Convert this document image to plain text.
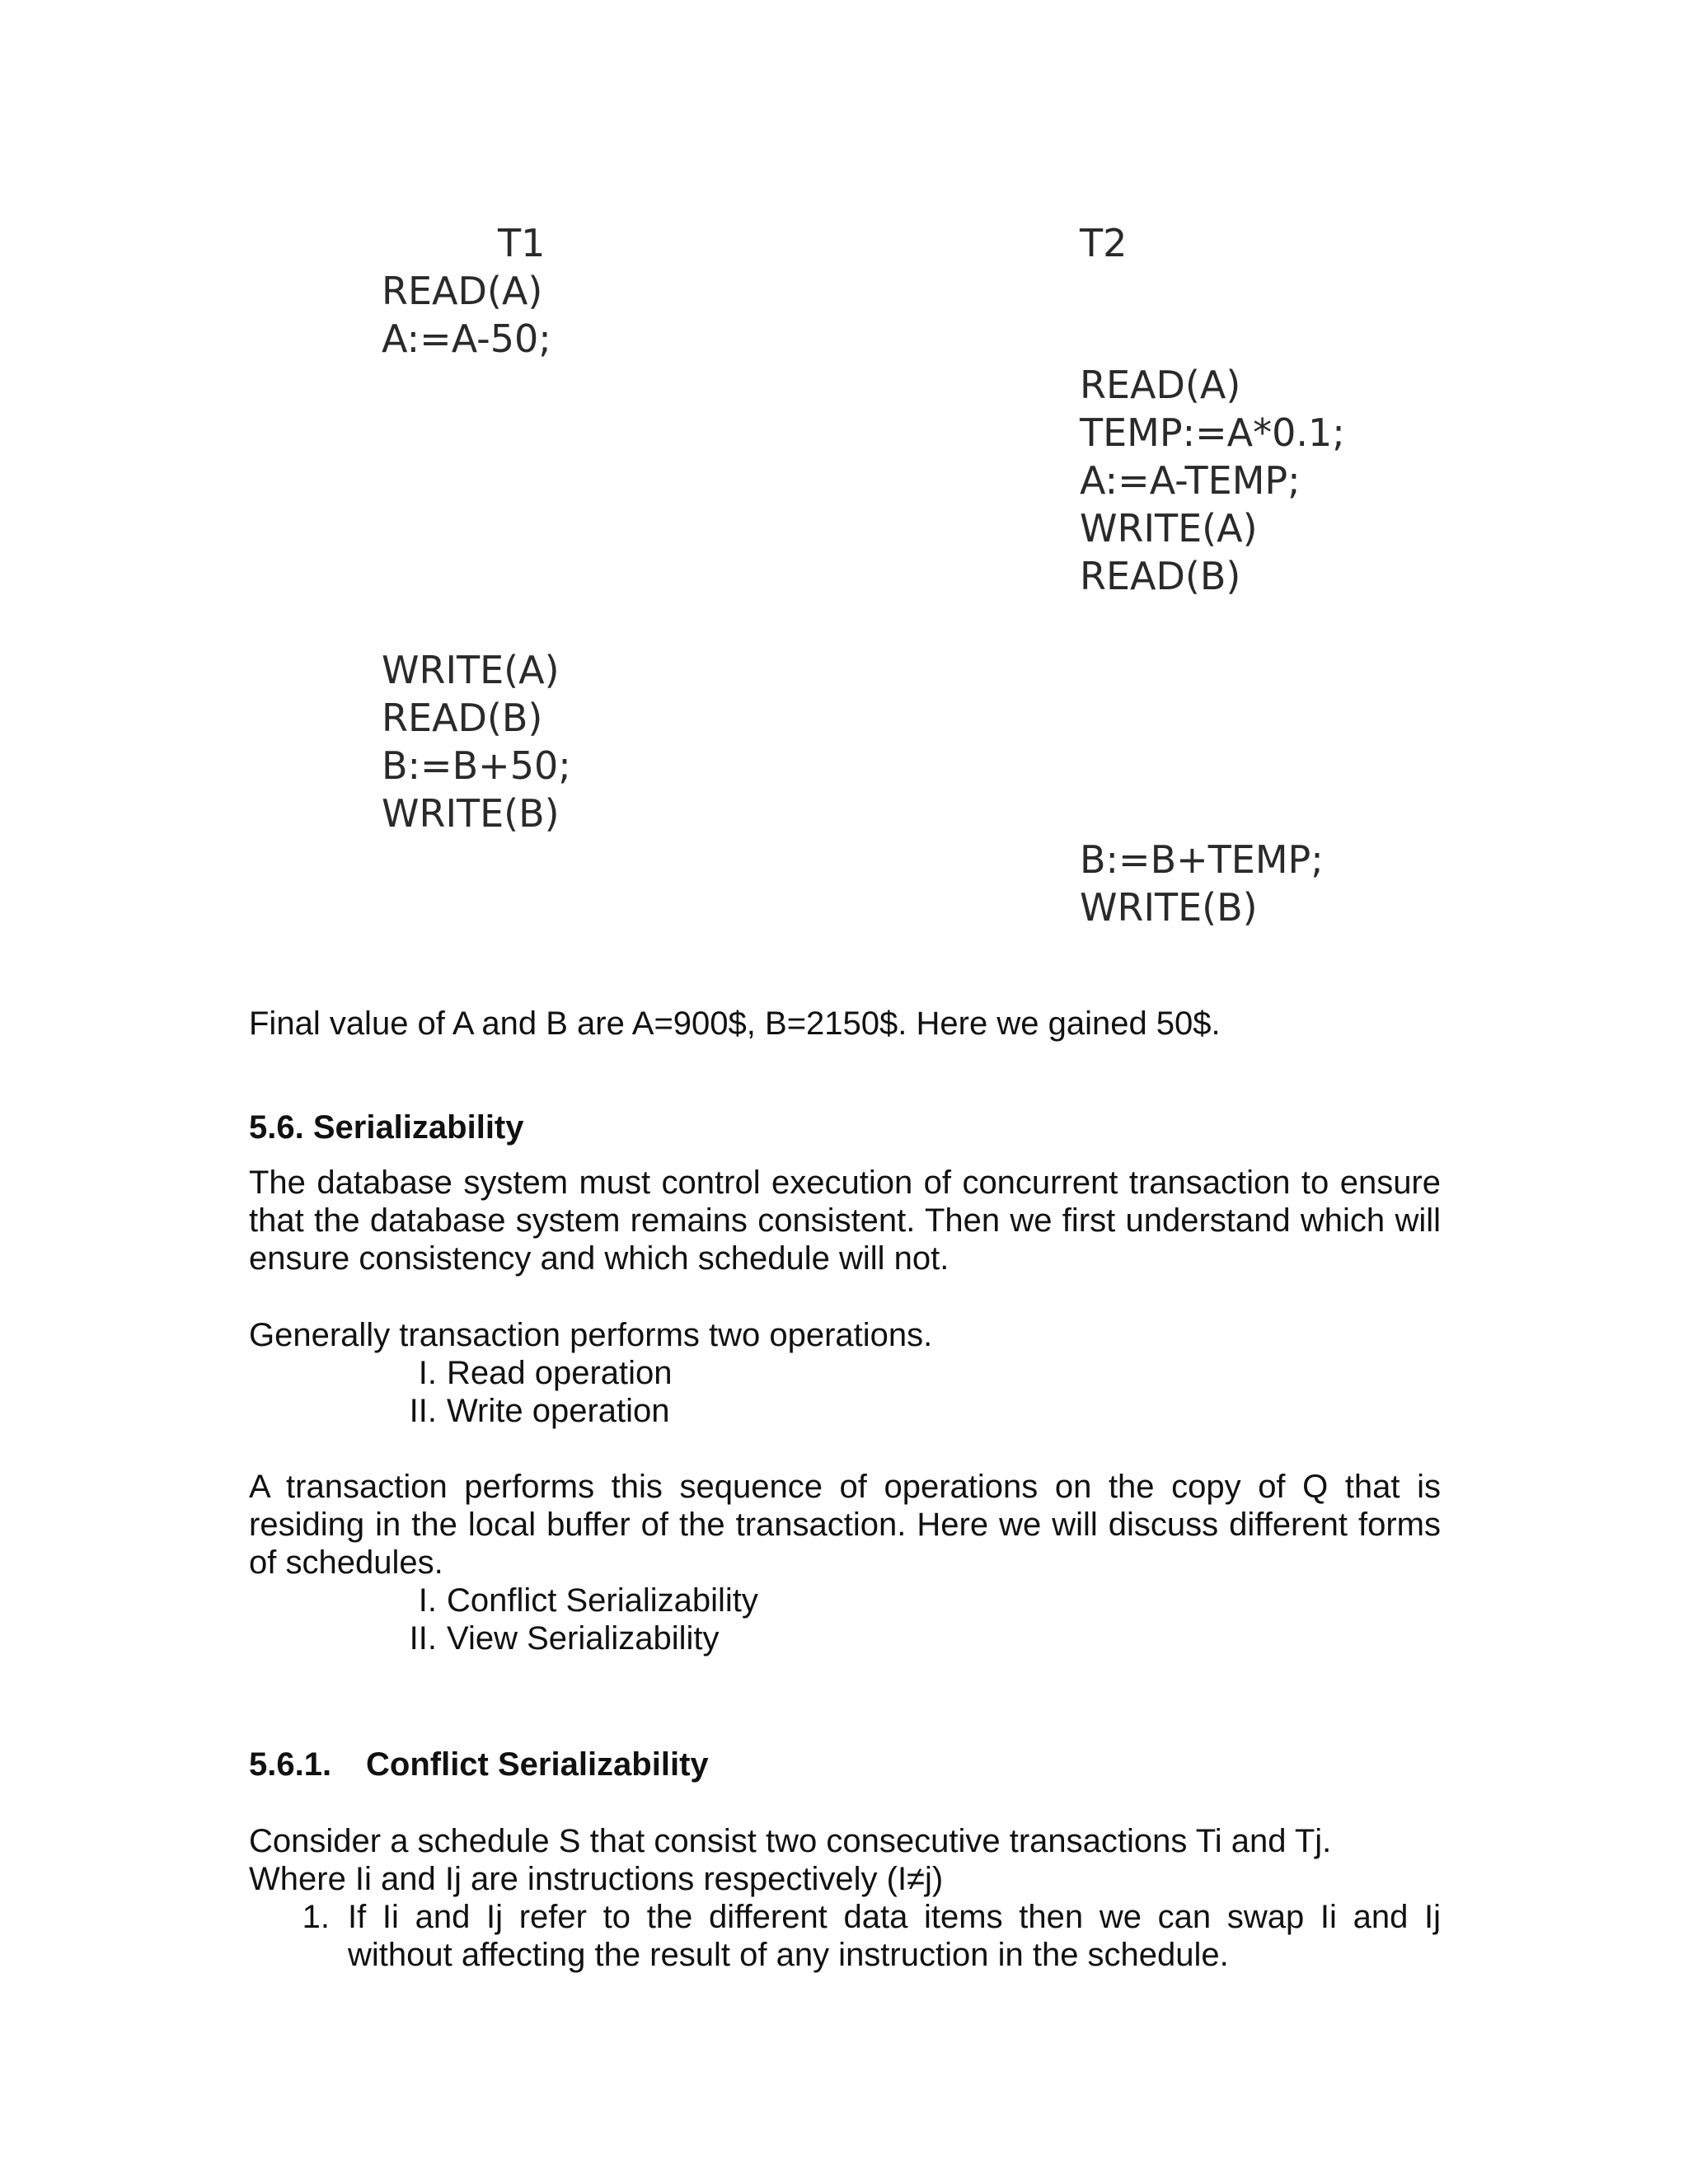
T1	T2
READ(A)
A:=A-50;
READ(A)
TEMP:=A*0.1;
A:=A-TEMP;
WRITE(A)
READ(B)
WRITE(A)
READ(B)
B:=B+50;
WRITE(B)
B:=B+TEMP;
WRITE(B)
Final value of A and B are A=900$, B=2150$. Here we gained 50$.
5.6. Serializability
The database system must control execution of concurrent transaction to ensure that the database system remains consistent. Then we first understand which will ensure consistency and which schedule will not.
Generally transaction performs two operations.
I. Read operation
II. Write operation
A transaction performs this sequence of operations on the copy of Q that is residing in the local buffer of the transaction. Here we will discuss different forms of schedules.
I. Conflict Serializability
II. View Serializability
5.6.1. Conflict Serializability
Consider a schedule S that consist two consecutive transactions Ti and Tj.
Where Ii and Ij are instructions respectively (I≠j)
1. If Ii and Ij refer to the different data items then we can swap Ii and Ij without affecting the result of any instruction in the schedule.
